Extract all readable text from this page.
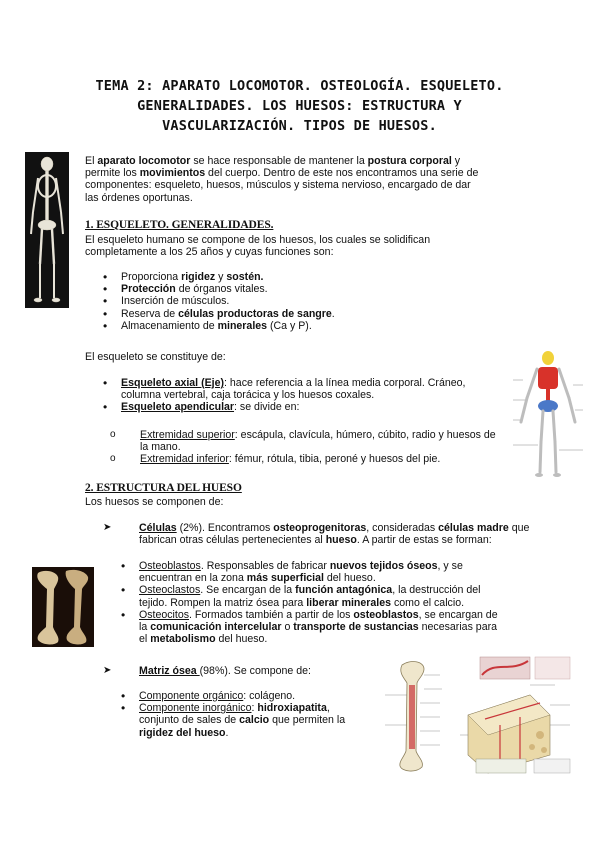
TEMA 2: APARATO LOCOMOTOR. OSTEOLOGÍA. ESQUELETO.
GENERALIDADES. LOS HUESOS: ESTRUCTURA Y
VASCULARIZACIÓN. TIPOS DE HUESOS.
El aparato locomotor se hace responsable de mantener la postura corporal y permite los movimientos del cuerpo. Dentro de este nos encontramos una serie de componentes: esqueleto, huesos, músculos y sistema nervioso, encargado de dar las órdenes oportunas.
1. ESQUELETO. GENERALIDADES.
El esqueleto humano se compone de los huesos, los cuales se solidifican completamente a los 25 años y cuyas funciones son:
• Proporciona rigidez y sostén.
• Protección de órganos vitales.
• Inserción de músculos.
• Reserva de células productoras de sangre.
• Almacenamiento de minerales (Ca y P).
El esqueleto se constituye de:
• Esqueleto axial (Eje): hace referencia a la línea media corporal. Cráneo, columna vertebral, caja torácica y los huesos coxales.
• Esqueleto apendicular: se divide en:
o Extremidad superior: escápula, clavícula, húmero, cúbito, radio y huesos de la mano.
o Extremidad inferior: fémur, rótula, tibia, peroné y huesos del pie.
2. ESTRUCTURA DEL HUESO
Los huesos se componen de:
➤ Células (2%). Encontramos osteoprogenitoras, consideradas células madre que fabrican otras células pertenecientes al hueso. A partir de estas se forman:
• Osteoblastos. Responsables de fabricar nuevos tejidos óseos, y se encuentran en la zona más superficial del hueso.
• Osteoclastos. Se encargan de la función antagónica, la destrucción del tejido. Rompen la matriz ósea para liberar minerales como el calcio.
• Osteocitos. Formados también a partir de los osteoblastos, se encargan de la comunicación intercelular o transporte de sustancias necesarias para el metabolismo del hueso.
➤ Matriz ósea (98%). Se compone de:
• Componente orgánico: colágeno.
• Componente inorgánico: hidroxiapatita, conjunto de sales de calcio que permiten la rigidez del hueso.
